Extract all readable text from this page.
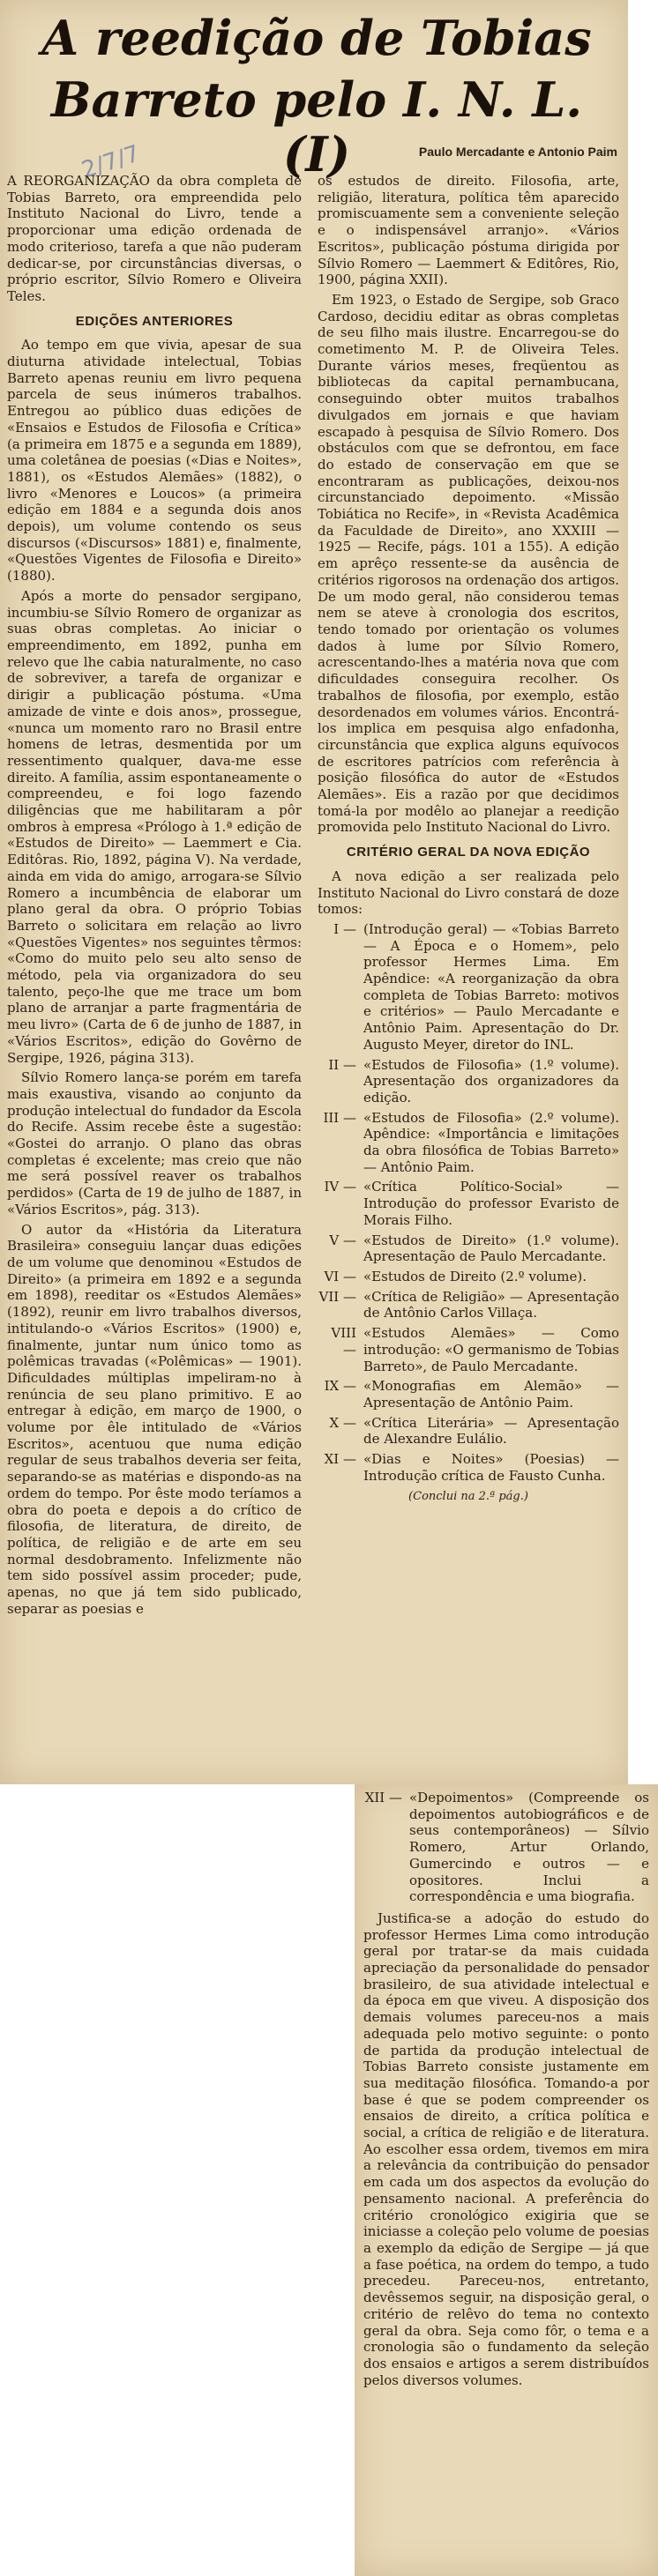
A reedição de Tobias
Barreto pelo I. N. L. (I)	Paulo Mercadante e Antonio Paim
2/7/7

A REORGANIZAÇÃO da obra completa de Tobias Barreto, ora empreendida pelo Instituto Nacional do Livro, tende a proporcionar uma edição ordenada de modo criterioso, tarefa a que não puderam dedicar-se, por circunstâncias diversas, o próprio escritor, Sílvio Romero e Oliveira Teles.

EDIÇÕES ANTERIORES

Ao tempo em que vivia, apesar de sua diuturna atividade intelectual, Tobias Barreto apenas reuniu em livro pequena parcela de seus inúmeros trabalhos. Entregou ao público duas edições de «Ensaios e Estudos de Filosofia e Crítica» (a primeira em 1875 e a segunda em 1889), uma coletânea de poesias («Dias e Noites», 1881), os «Estudos Alemães» (1882), o livro «Menores e Loucos» (a primeira edição em 1884 e a segunda dois anos depois), um volume contendo os seus discursos («Discursos» 1881) e, finalmente, «Questões Vigentes de Filosofia e Direito» (1880).

Após a morte do pensador sergipano, incumbiu-se Sílvio Romero de organizar as suas obras completas. Ao iniciar o empreendimento, em 1892, punha em relevo que lhe cabia naturalmente, no caso de sobreviver, a tarefa de organizar e dirigir a publicação póstuma. «Uma amizade de vinte e dois anos», prossegue, «nunca um momento raro no Brasil entre homens de letras, desmentida por um ressentimento qualquer, dava-me esse direito. A família, assim espontaneamente o compreendeu, e foi logo fazendo diligências que me habilitaram a pôr ombros à empresa «Prólogo à 1.ª edição de «Estudos de Direito» — Laemmert e Cia. Editôras. Rio, 1892, página V). Na verdade, ainda em vida do amigo, arrogara-se Sílvio Romero a incumbência de elaborar um plano geral da obra. O próprio Tobias Barreto o solicitara em relação ao livro «Questões Vigentes» nos seguintes têrmos: «Como do muito pelo seu alto senso de método, pela via organizadora do seu talento, peço-lhe que me trace um bom plano de arranjar a parte fragmentária de meu livro» (Carta de 6 de junho de 1887, in «Vários Escritos», edição do Govêrno de Sergipe, 1926, página 313).

Sílvio Romero lança-se porém em tarefa mais exaustiva, visando ao conjunto da produção intelectual do fundador da Escola do Recife. Assim recebe êste a sugestão: «Gostei do arranjo. O plano das obras completas é excelente; mas creio que não me será possível reaver os trabalhos perdidos» (Carta de 19 de julho de 1887, in «Vários Escritos», pág. 313).

O autor da «História da Literatura Brasileira» conseguiu lançar duas edições de um volume que denominou «Estudos de Direito» (a primeira em 1892 e a segunda em 1898), reeditar os «Estudos Alemães» (1892), reunir em livro trabalhos diversos, intitulando-o «Vários Escritos» (1900) e, finalmente, juntar num único tomo as polêmicas travadas («Polêmicas» — 1901). Dificuldades múltiplas impeliram-no à renúncia de seu plano primitivo. E ao entregar à edição, em março de 1900, o volume por êle intitulado de «Vários Escritos», acentuou que numa edição regular de seus trabalhos deveria ser feita, separando-se as matérias e dispondo-as na ordem do tempo. Por êste modo teríamos a obra do poeta e depois a do crítico de filosofia, de literatura, de direito, de política, de religião e de arte em seu normal desdobramento. Infelizmente não tem sido possível assim proceder; pude, apenas, no que já tem sido publicado, separar as poesias e

os estudos de direito. Filosofia, arte, religião, literatura, política têm aparecido promiscuamente sem a conveniente seleção e o indispensável arranjo». «Vários Escritos», publicação póstuma dirigida por Sílvio Romero — Laemmert & Editôres, Rio, 1900, página XXII).

Em 1923, o Estado de Sergipe, sob Graco Cardoso, decidiu editar as obras completas de seu filho mais ilustre. Encarregou-se do cometimento M. P. de Oliveira Teles. Durante vários meses, freqüentou as bibliotecas da capital pernambucana, conseguindo obter muitos trabalhos divulgados em jornais e que haviam escapado à pesquisa de Sílvio Romero. Dos obstáculos com que se defrontou, em face do estado de conservação em que se encontraram as publicações, deixou-nos circunstanciado depoimento. «Missão Tobiática no Recife», in «Revista Acadêmica da Faculdade de Direito», ano XXXIII — 1925 — Recife, págs. 101 a 155). A edição em aprêço ressente-se da ausência de critérios rigorosos na ordenação dos artigos. De um modo geral, não considerou temas nem se ateve à cronologia dos escritos, tendo tomado por orientação os volumes dados à lume por Sílvio Romero, acrescentando-lhes a matéria nova que com dificuldades conseguira recolher. Os trabalhos de filosofia, por exemplo, estão desordenados em volumes vários. Encontrá-los implica em pesquisa algo enfadonha, circunstância que explica alguns equívocos de escritores patrícios com referência à posição filosófica do autor de «Estudos Alemães». Eis a razão por que decidimos tomá-la por modêlo ao planejar a reedição promovida pelo Instituto Nacional do Livro.

CRITÉRIO GERAL DA NOVA EDIÇÃO

A nova edição a ser realizada pelo Instituto Nacional do Livro constará de doze tomos:

I — (Introdução geral) — «Tobias Barreto — A Época e o Homem», pelo professor Hermes Lima. Em Apêndice: «A reorganização da obra completa de Tobias Barreto: motivos e critérios» — Paulo Mercadante e Antônio Paim. Apresentação do Dr. Augusto Meyer, diretor do INL.
II — «Estudos de Filosofia» (1.º volume). Apresentação dos organizadores da edição.
III — «Estudos de Filosofia» (2.º volume). Apêndice: «Importância e limitações da obra filosófica de Tobias Barreto» — Antônio Paim.
IV — «Crítica Político-Social» — Introdução do professor Evaristo de Morais Filho.
V — «Estudos de Direito» (1.º volume). Apresentação de Paulo Mercadante.
VI — «Estudos de Direito (2.º volume).
VII — «Crítica de Religião» — Apresentação de Antônio Carlos Villaça.
VIII —
«Estudos Alemães» — Como introdução: «O germanismo de Tobias Barreto», de Paulo Mercadante.
IX — «Monografias em Alemão» — Apresentação de Antônio Paim.
X — «Crítica Literária» — Apresentação de Alexandre Eulálio.
XI — «Dias e Noites» (Poesias) — Introdução crítica de Fausto Cunha.
(Conclui na 2.ª pág.)
XII — «Depoimentos» (Compreende os depoimentos autobiográficos e de seus contemporâneos) — Sílvio Romero, Artur Orlando, Gumercindo e outros — e opositores. Inclui a correspondência e uma biografia.

Justifica-se a adoção do estudo do professor Hermes Lima como introdução geral por tratar-se da mais cuidada apreciação da personalidade do pensador brasileiro, de sua atividade intelectual e da época em que viveu. A disposição dos demais volumes pareceu-nos a mais adequada pelo motivo seguinte: o ponto de partida da produção intelectual de Tobias Barreto consiste justamente em sua meditação filosófica. Tomando-a por base é que se podem compreender os ensaios de direito, a crítica política e social, a crítica de religião e de literatura. Ao escolher essa ordem, tivemos em mira a relevância da contribuição do pensador em cada um dos aspectos da evolução do pensamento nacional. A preferência do critério cronológico exigiria que se iniciasse a coleção pelo volume de poesias a exemplo da edição de Sergipe — já que a fase poética, na ordem do tempo, a tudo precedeu. Pareceu-nos, entretanto, devêssemos seguir, na disposição geral, o critério de relêvo do tema no contexto geral da obra. Seja como fôr, o tema e a cronologia são o fundamento da seleção dos ensaios e artigos a serem distribuídos pelos diversos volumes.
